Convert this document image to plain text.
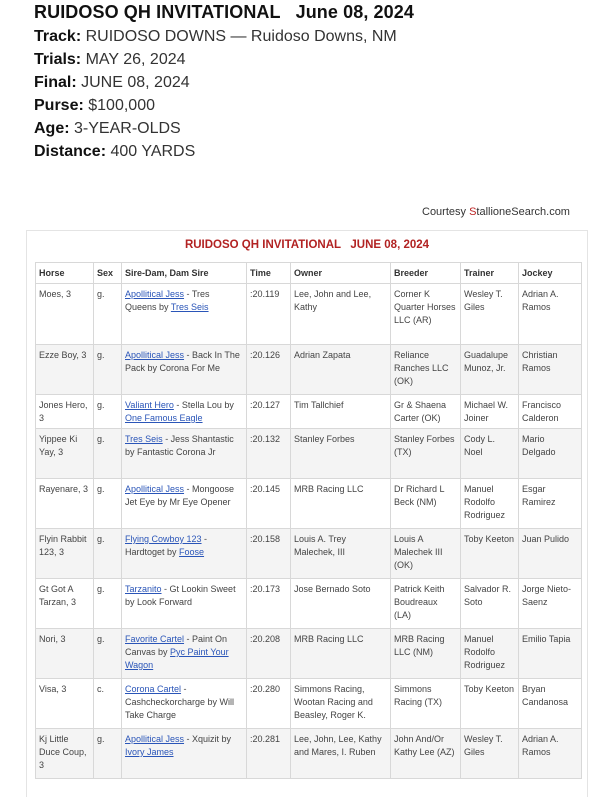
RUIDOSO QH INVITATIONAL   June 08, 2024
Track: RUIDOSO DOWNS — Ruidoso Downs, NM
Trials: MAY 26, 2024
Final: JUNE 08, 2024
Purse: $100,000
Age: 3-YEAR-OLDS
Distance: 400 YARDS
Courtesy StallioneSearch.com
RUIDOSO QH INVITATIONAL   JUNE 08, 2024
Horse	Sex	Sire-Dam, Dam Sire	Time	Owner	Breeder	Trainer	Jockey
Moes, 3	g.	Apollitical Jess - Tres Queens by Tres Seis	:20.119	Lee, John and Lee, Kathy	Corner K Quarter Horses LLC (AR)	Wesley T. Giles	Adrian A. Ramos
Ezze Boy, 3	g.	Apollitical Jess - Back In The Pack by Corona For Me	:20.126	Adrian Zapata	Reliance Ranches LLC (OK)	Guadalupe Munoz, Jr.	Christian Ramos
Jones Hero, 3	g.	Valiant Hero - Stella Lou by One Famous Eagle	:20.127	Tim Tallchief	Gr & Shaena Carter (OK)	Michael W. Joiner	Francisco Calderon
Yippee Ki Yay, 3	g.	Tres Seis - Jess Shantastic by Fantastic Corona Jr	:20.132	Stanley Forbes	Stanley Forbes (TX)	Cody L. Noel	Mario Delgado
Rayenare, 3	g.	Apollitical Jess - Mongoose Jet Eye by Mr Eye Opener	:20.145	MRB Racing LLC	Dr Richard L Beck (NM)	Manuel Rodolfo Rodriguez	Esgar Ramirez
Flyin Rabbit 123, 3	g.	Flying Cowboy 123 - Hardtoget by Foose	:20.158	Louis A. Trey Malechek, III	Louis A Malechek III (OK)	Toby Keeton	Juan Pulido
Gt Got A Tarzan, 3	g.	Tarzanito - Gt Lookin Sweet by Look Forward	:20.173	Jose Bernado Soto	Patrick Keith Boudreaux (LA)	Salvador R. Soto	Jorge Nieto-Saenz
Nori, 3	g.	Favorite Cartel - Paint On Canvas by Pyc Paint Your Wagon	:20.208	MRB Racing LLC	MRB Racing LLC (NM)	Manuel Rodolfo Rodriguez	Emilio Tapia
Visa, 3	c.	Corona Cartel - Cashcheckorcharge by Will Take Charge	:20.280	Simmons Racing, Wootan Racing and Beasley, Roger K.	Simmons Racing (TX)	Toby Keeton	Bryan Candanosa
Kj Little Duce Coup, 3	g.	Apollitical Jess - Xquizit by Ivory James	:20.281	Lee, John, Lee, Kathy and Mares, I. Ruben	John And/Or Kathy Lee (AZ)	Wesley T. Giles	Adrian A. Ramos
